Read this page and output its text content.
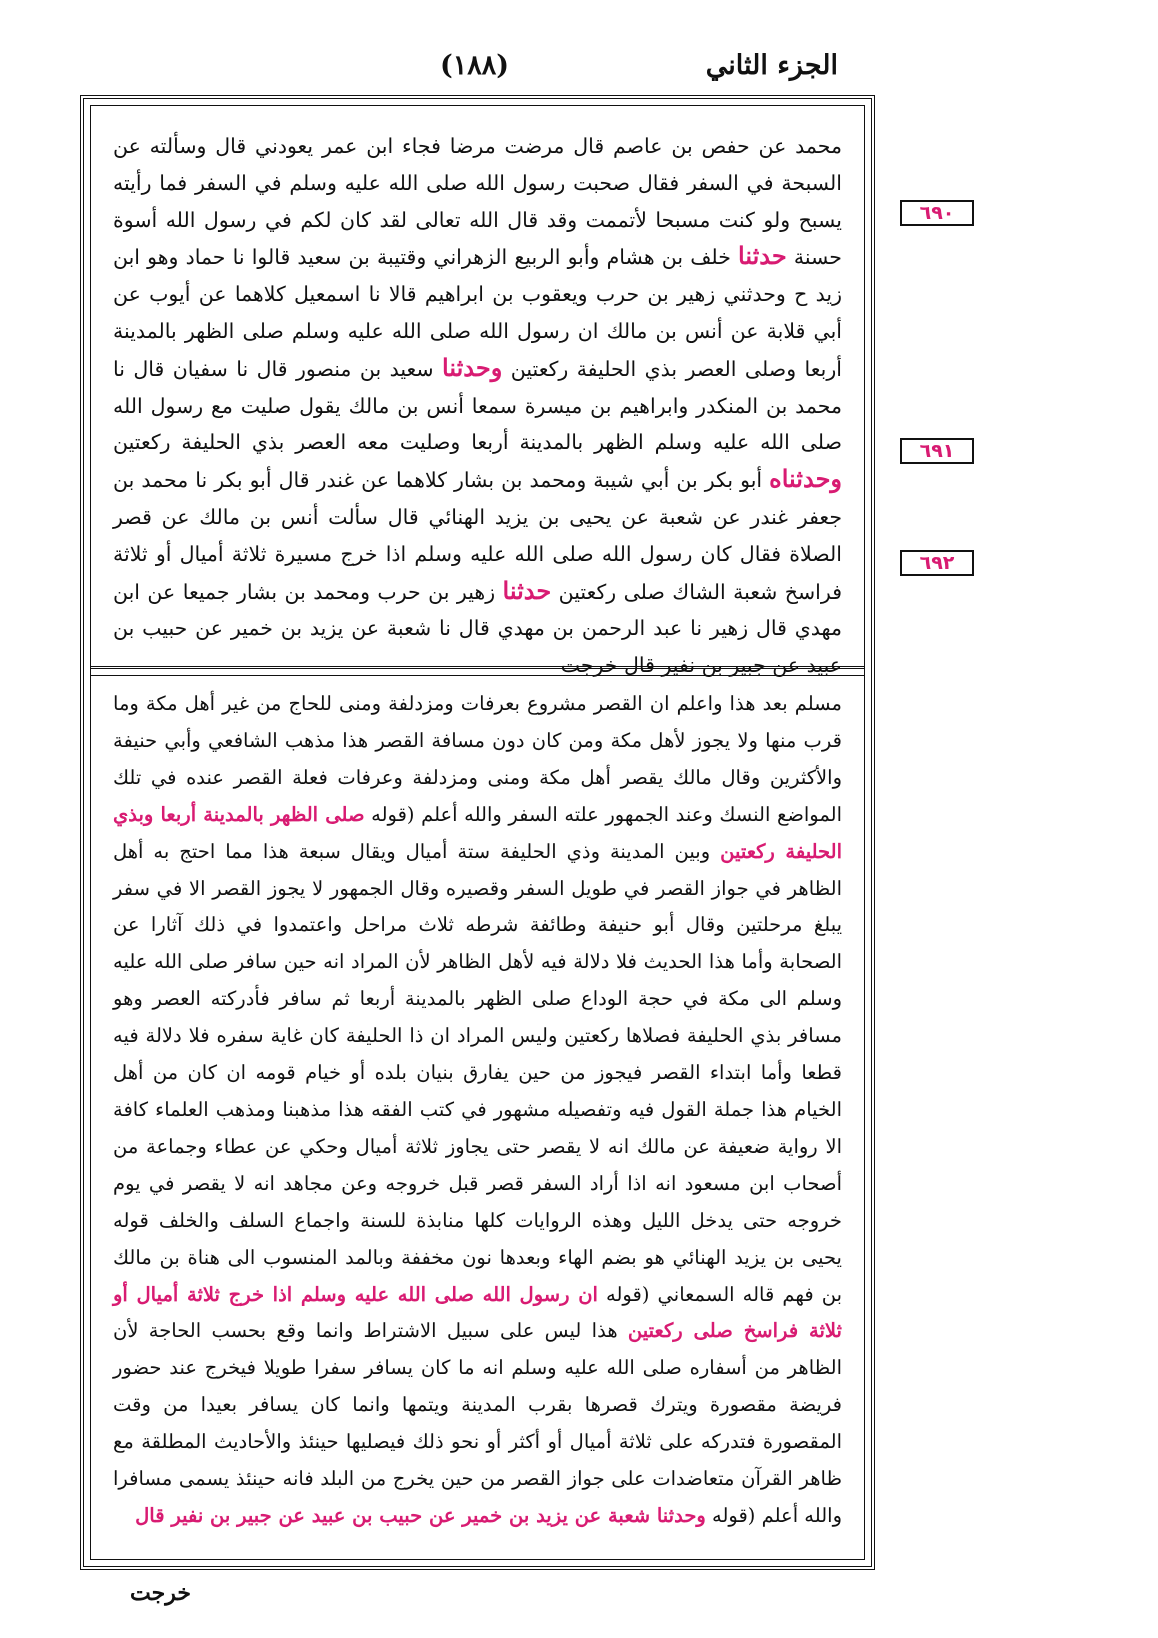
الجزء الثاني
(١٨٨)
٦٩٠
٦٩١
٦٩٢
محمد عن حفص بن عاصم قال مرضت مرضا فجاء ابن عمر يعودني قال وسألته عن السبحة في السفر فقال صحبت رسول الله صلى الله عليه وسلم في السفر فما رأيته يسبح ولو كنت مسبحا لأتممت وقد قال الله تعالى لقد كان لكم في رسول الله أسوة حسنة حدثنا خلف بن هشام وأبو الربيع الزهراني وقتيبة بن سعيد قالوا نا حماد وهو ابن زيد ح وحدثني زهير بن حرب ويعقوب بن ابراهيم قالا نا اسمعيل كلاهما عن أيوب عن أبي قلابة عن أنس بن مالك ان رسول الله صلى الله عليه وسلم صلى الظهر بالمدينة أربعا وصلى العصر بذي الحليفة ركعتين وحدثنا سعيد بن منصور قال نا سفيان قال نا محمد بن المنكدر وابراهيم بن ميسرة سمعا أنس بن مالك يقول صليت مع رسول الله صلى الله عليه وسلم الظهر بالمدينة أربعا وصليت معه العصر بذي الحليفة ركعتين وحدثناه أبو بكر بن أبي شيبة ومحمد بن بشار كلاهما عن غندر قال أبو بكر نا محمد بن جعفر غندر عن شعبة عن يحيى بن يزيد الهنائي قال سألت أنس بن مالك عن قصر الصلاة فقال كان رسول الله صلى الله عليه وسلم اذا خرج مسيرة ثلاثة أميال أو ثلاثة فراسخ شعبة الشاك صلى ركعتين حدثنا زهير بن حرب ومحمد بن بشار جميعا عن ابن مهدي قال زهير نا عبد الرحمن بن مهدي قال نا شعبة عن يزيد بن خمير عن حبيب بن عبيد عن جبير بن نفير قال خرجت
مسلم بعد هذا واعلم ان القصر مشروع بعرفات ومزدلفة ومنى للحاج من غير أهل مكة وما قرب منها ولا يجوز لأهل مكة ومن كان دون مسافة القصر هذا مذهب الشافعي وأبي حنيفة والأكثرين وقال مالك يقصر أهل مكة ومنى ومزدلفة وعرفات فعلة القصر عنده في تلك المواضع النسك وعند الجمهور علته السفر والله أعلم (قوله صلى الظهر بالمدينة أربعا وبذي الحليفة ركعتين وبين المدينة وذي الحليفة ستة أميال ويقال سبعة هذا مما احتج به أهل الظاهر في جواز القصر في طويل السفر وقصيره وقال الجمهور لا يجوز القصر الا في سفر يبلغ مرحلتين وقال أبو حنيفة وطائفة شرطه ثلاث مراحل واعتمدوا في ذلك آثارا عن الصحابة وأما هذا الحديث فلا دلالة فيه لأهل الظاهر لأن المراد انه حين سافر صلى الله عليه وسلم الى مكة في حجة الوداع صلى الظهر بالمدينة أربعا ثم سافر فأدركته العصر وهو مسافر بذي الحليفة فصلاها ركعتين وليس المراد ان ذا الحليفة كان غاية سفره فلا دلالة فيه قطعا وأما ابتداء القصر فيجوز من حين يفارق بنيان بلده أو خيام قومه ان كان من أهل الخيام هذا جملة القول فيه وتفصيله مشهور في كتب الفقه هذا مذهبنا ومذهب العلماء كافة الا رواية ضعيفة عن مالك انه لا يقصر حتى يجاوز ثلاثة أميال وحكي عن عطاء وجماعة من أصحاب ابن مسعود انه اذا أراد السفر قصر قبل خروجه وعن مجاهد انه لا يقصر في يوم خروجه حتى يدخل الليل وهذه الروايات كلها منابذة للسنة واجماع السلف والخلف قوله يحيى بن يزيد الهنائي هو بضم الهاء وبعدها نون مخففة وبالمد المنسوب الى هناة بن مالك بن فهم قاله السمعاني (قوله ان رسول الله صلى الله عليه وسلم اذا خرج ثلاثة أميال أو ثلاثة فراسخ صلى ركعتين هذا ليس على سبيل الاشتراط وانما وقع بحسب الحاجة لأن الظاهر من أسفاره صلى الله عليه وسلم انه ما كان يسافر سفرا طويلا فيخرج عند حضور فريضة مقصورة ويترك قصرها بقرب المدينة ويتمها وانما كان يسافر بعيدا من وقت المقصورة فتدركه على ثلاثة أميال أو أكثر أو نحو ذلك فيصليها حينئذ والأحاديث المطلقة مع ظاهر القرآن متعاضدات على جواز القصر من حين يخرج من البلد فانه حينئذ يسمى مسافرا والله أعلم (قوله وحدثنا شعبة عن يزيد بن خمير عن حبيب بن عبيد عن جبير بن نفير قال
خرجت
